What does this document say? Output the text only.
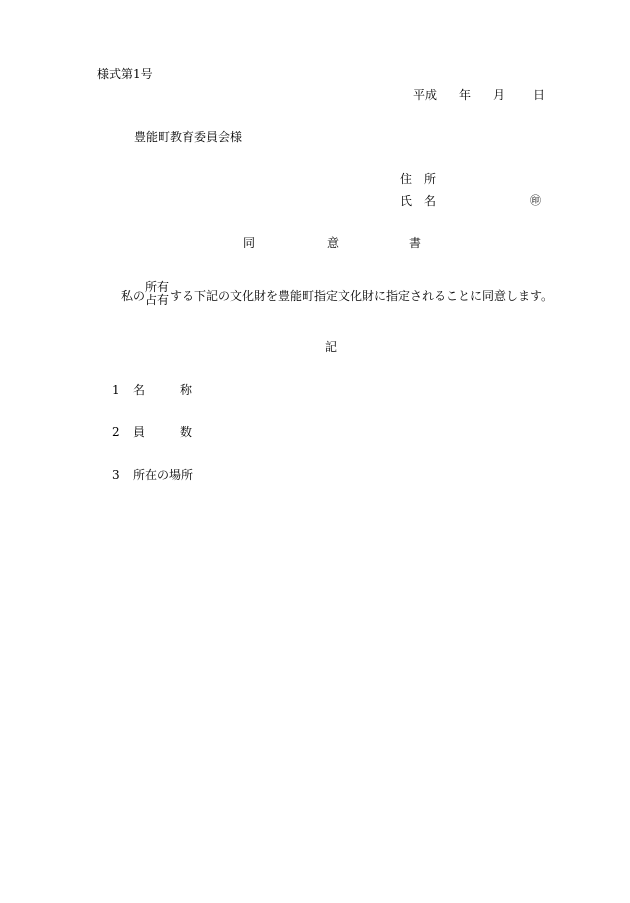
様式第1号
平成 年 月 日
豊能町教育委員会様
住　所
氏　名	㊞
同	意	書
私の
所有
占有 する下記の文化財を豊能町指定文化財に指定されることに同意します。
記
1 名	称
2 員	数
3 所在の場所
